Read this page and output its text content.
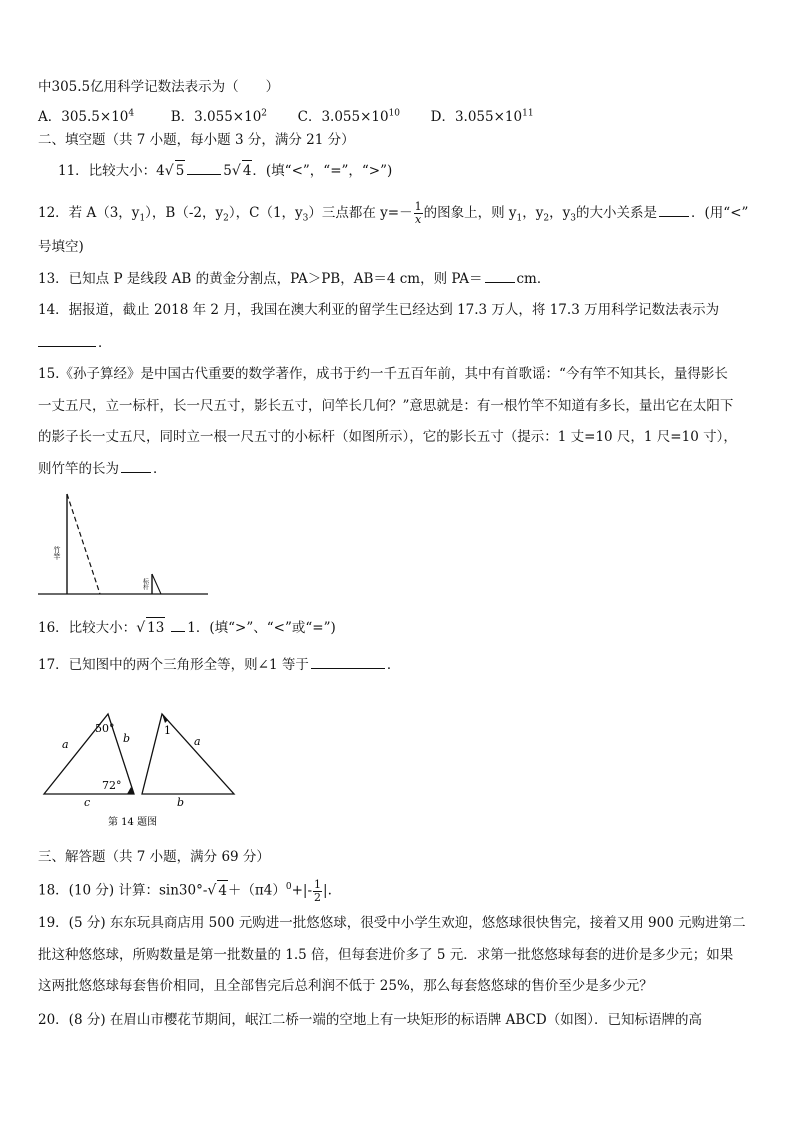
中305.5亿用科学记数法表示为（　　）
A．$305.5\times 10^4$	B．$3.055\times 10^2$ C．$3.055\times 10^{10}$ D．$3.055\times 10^{11}$
二、填空题（共 7 小题，每小题 3 分，满分 21 分）
11．比较大小：4√ 5	5√ 4．(填“<”，“=”，“>”)
12．若 A（3，$y_1$），B（-2，$y_2$），C（1，$y_3$）三点都在 $y=- \frac{1}{x}$ 的图象上，则 $y_1$，$y_2$，$y_3$的大小关系是	．(用“<”
号填空)
13．已知点 P 是线段 AB 的黄金分割点，PA＞PB，AB＝4 cm，则 PA＝	cm．
14．据报道，截止 2018 年 2 月，我国在澳大利亚的留学生已经达到 17.3 万人，将 17.3 万用科学记数法表示为
．
15.《孙子算经》是中国古代重要的数学著作，成书于约一千五百年前，其中有首歌谣：“今有竿不知其长，量得影长
一丈五尺，立一标杆，长一尺五寸，影长五寸，问竿长几何？”意思就是：有一根竹竿不知道有多长，量出它在太阳下
的影子长一丈五尺，同时立一根一尺五寸的小标杆（如图所示），它的影长五寸（提示：1 丈=10 尺，1 尺=10 寸），
则竹竿的长为	．
竹竿
标杆
16．比较大小：√ 13 1．(填“>”、“<”或“=”)
17．已知图中的两个三角形全等，则∠1 等于	．
50°
72°
a	b
c
1
a
b
第 14 题图
三、解答题（共 7 小题，满分 69 分）
18．(10 分) 计算：sin30°-√ $4+(\pi 4)^0+|- \frac{1}{2}$ |.
19．(5 分) 东东玩具商店用 500 元购进一批悠悠球，很受中小学生欢迎，悠悠球很快售完，接着又用 900 元购进第二
批这种悠悠球，所购数量是第一批数量的 1.5 倍，但每套进价多了 5 元．求第一批悠悠球每套的进价是多少元；如果
这两批悠悠球每套售价相同，且全部售完后总利润不低于 25%，那么每套悠悠球的售价至少是多少元？
20．(8 分) 在眉山市樱花节期间，岷江二桥一端的空地上有一块矩形的标语牌 ABCD（如图）．已知标语牌的高
